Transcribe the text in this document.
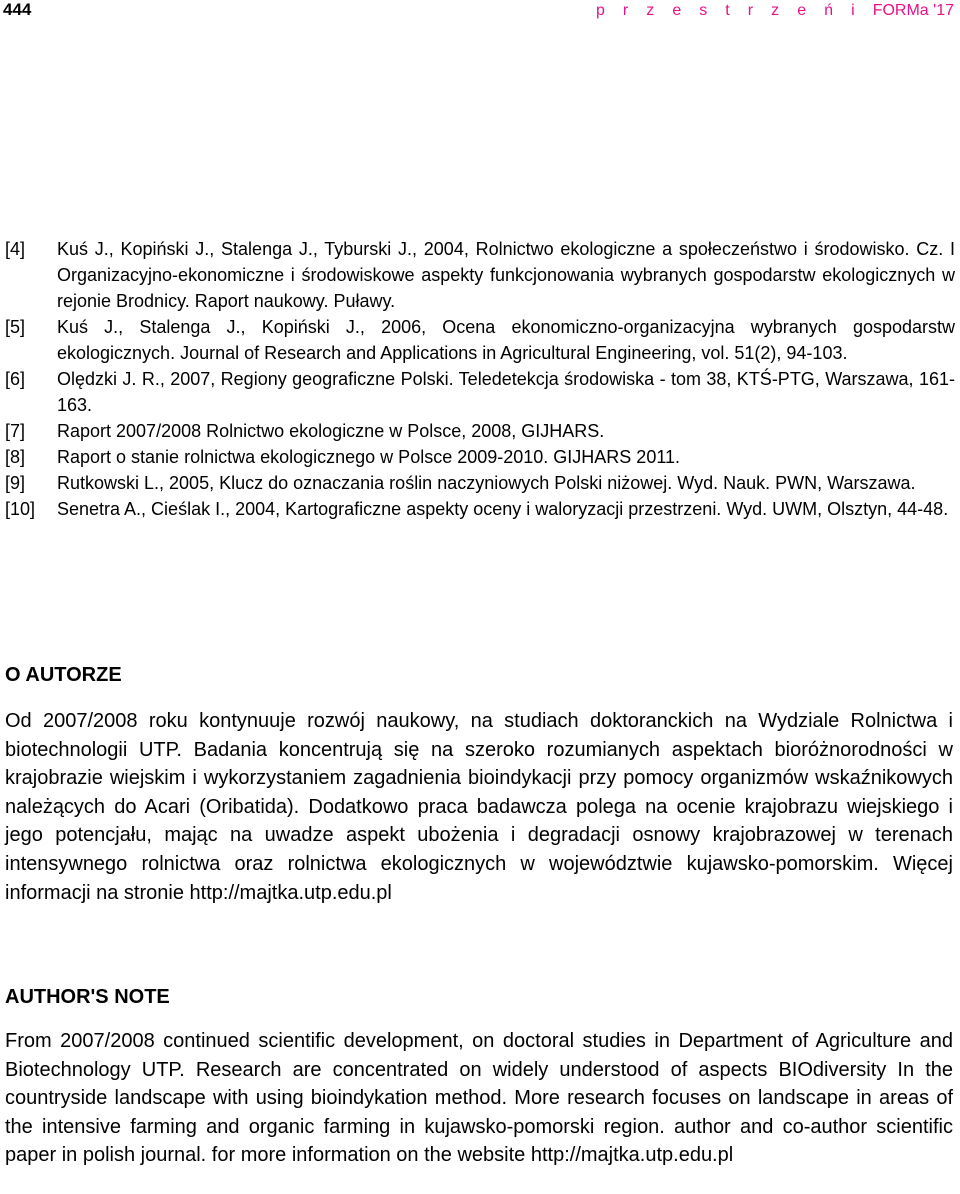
444	p r z e s t r z e ń i FORMa '17
[4]	Kuś J., Kopiński J., Stalenga J., Tyburski J., 2004, Rolnictwo ekologiczne a społeczeństwo i środowisko. Cz. I Organizacyjno-ekonomiczne i środowiskowe aspekty funkcjonowania wybranych gospodarstw ekologicznych w rejonie Brodnicy. Raport naukowy. Puławy.
[5]	Kuś J., Stalenga J., Kopiński J., 2006, Ocena ekonomiczno-organizacyjna wybranych gospodarstw ekologicznych. Journal of Research and Applications in Agricultural Engineering, vol. 51(2), 94-103.
[6]	Olędzki J. R., 2007, Regiony geograficzne Polski. Teledetekcja środowiska - tom 38, KTŚ-PTG, Warszawa, 161-163.
[7]	Raport 2007/2008 Rolnictwo ekologiczne w Polsce, 2008, GIJHARS.
[8]	Raport o stanie rolnictwa ekologicznego w Polsce 2009-2010. GIJHARS 2011.
[9]	Rutkowski L., 2005, Klucz do oznaczania roślin naczyniowych Polski niżowej. Wyd. Nauk. PWN, Warszawa.
[10]	Senetra A., Cieślak I., 2004, Kartograficzne aspekty oceny i waloryzacji przestrzeni. Wyd. UWM, Olsztyn, 44-48.
O AUTORZE
Od 2007/2008 roku kontynuuje rozwój naukowy, na studiach doktoranckich na Wydziale Rolnictwa i biotechnologii UTP. Badania koncentrują się na szeroko rozumianych aspektach bioróżnorodności w krajobrazie wiejskim i wykorzystaniem zagadnienia bioindykacji przy pomocy organizmów wskaźnikowych należących do Acari (Oribatida). Dodatkowo praca badawcza polega na ocenie krajobrazu wiejskiego i jego potencjału, mając na uwadze aspekt ubożenia i degradacji osnowy krajobrazowej w terenach intensywnego rolnictwa oraz rolnictwa ekologicznych w województwie kujawsko-pomorskim. Więcej informacji na stronie http://majtka.utp.edu.pl
AUTHOR'S NOTE
From 2007/2008 continued scientific development, on doctoral studies in Department of Agriculture and Biotechnology UTP. Research are concentrated on widely understood of aspects BIOdiversity In the countryside landscape with using bioindykation method. More research focuses on landscape in areas of the intensive farming and organic farming in kujawsko-pomorski region. author and co-author scientific paper in polish journal. for more information on the website http://majtka.utp.edu.pl
